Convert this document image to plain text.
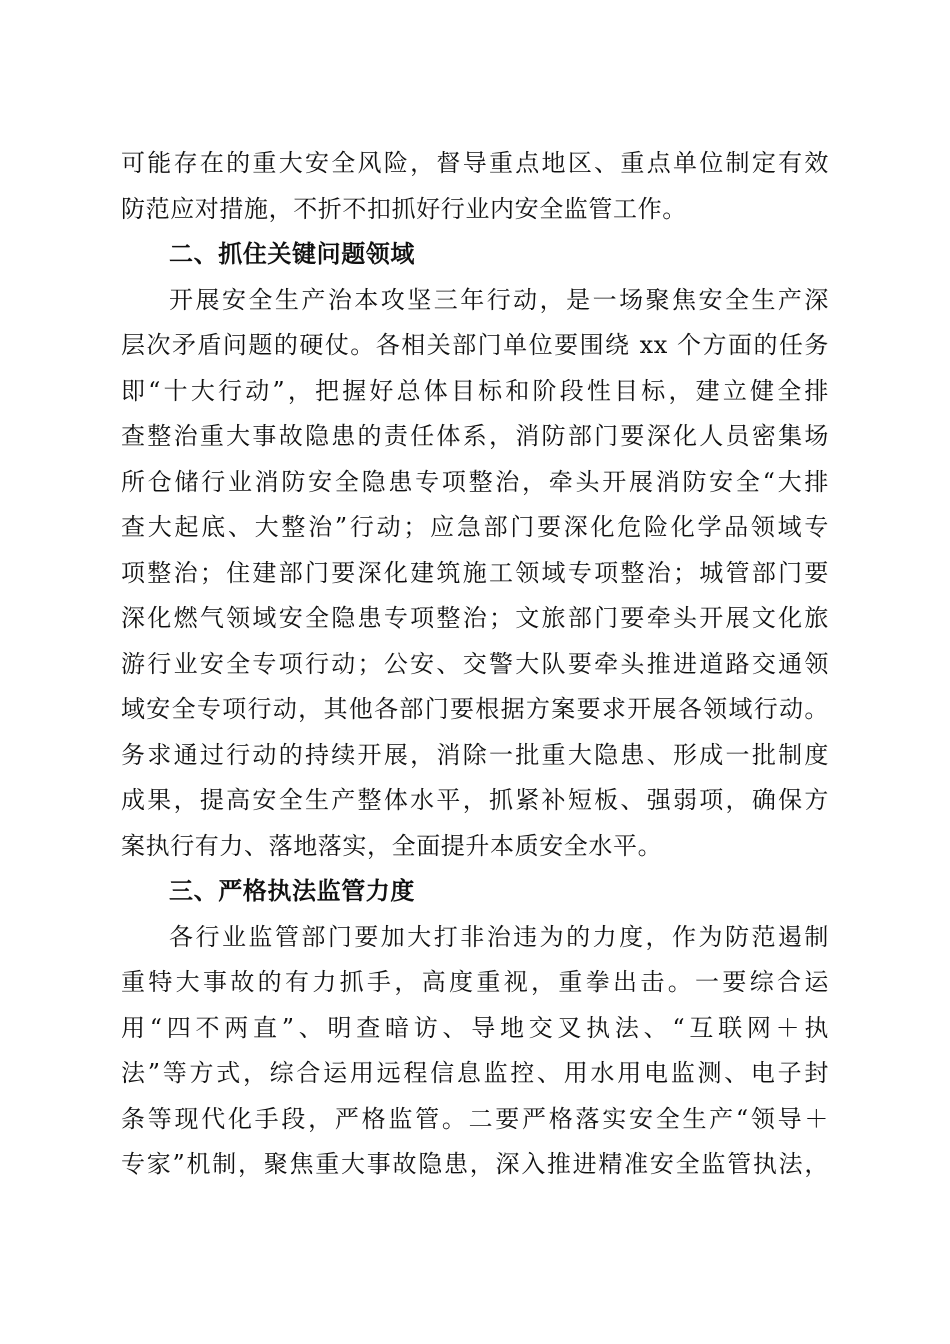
可能存在的重大安全风险，督导重点地区、重点单位制定有效
防范应对措施，不折不扣抓好行业内安全监管工作。
二、抓住关键问题领域
开展安全生产治本攻坚三年行动，是一场聚焦安全生产深
层次矛盾问题的硬仗。各相关部门单位要围绕 xx 个方面的任务
即“十大行动”，把握好总体目标和阶段性目标，建立健全排
查整治重大事故隐患的责任体系，消防部门要深化人员密集场
所仓储行业消防安全隐患专项整治，牵头开展消防安全“大排
查大起底、大整治”行动；应急部门要深化危险化学品领域专
项整治；住建部门要深化建筑施工领域专项整治；城管部门要
深化燃气领域安全隐患专项整治；文旅部门要牵头开展文化旅
游行业安全专项行动；公安、交警大队要牵头推进道路交通领
域安全专项行动，其他各部门要根据方案要求开展各领域行动。
务求通过行动的持续开展，消除一批重大隐患、形成一批制度
成果，提高安全生产整体水平，抓紧补短板、强弱项，确保方
案执行有力、落地落实，全面提升本质安全水平。
三、严格执法监管力度
各行业监管部门要加大打非治违为的力度，作为防范遏制
重特大事故的有力抓手，高度重视，重拳出击。一要综合运
用“四不两直”、明查暗访、导地交叉执法、“互联网＋执
法”等方式，综合运用远程信息监控、用水用电监测、电子封
条等现代化手段，严格监管。二要严格落实安全生产“领导＋
专家”机制，聚焦重大事故隐患，深入推进精准安全监管执法，
